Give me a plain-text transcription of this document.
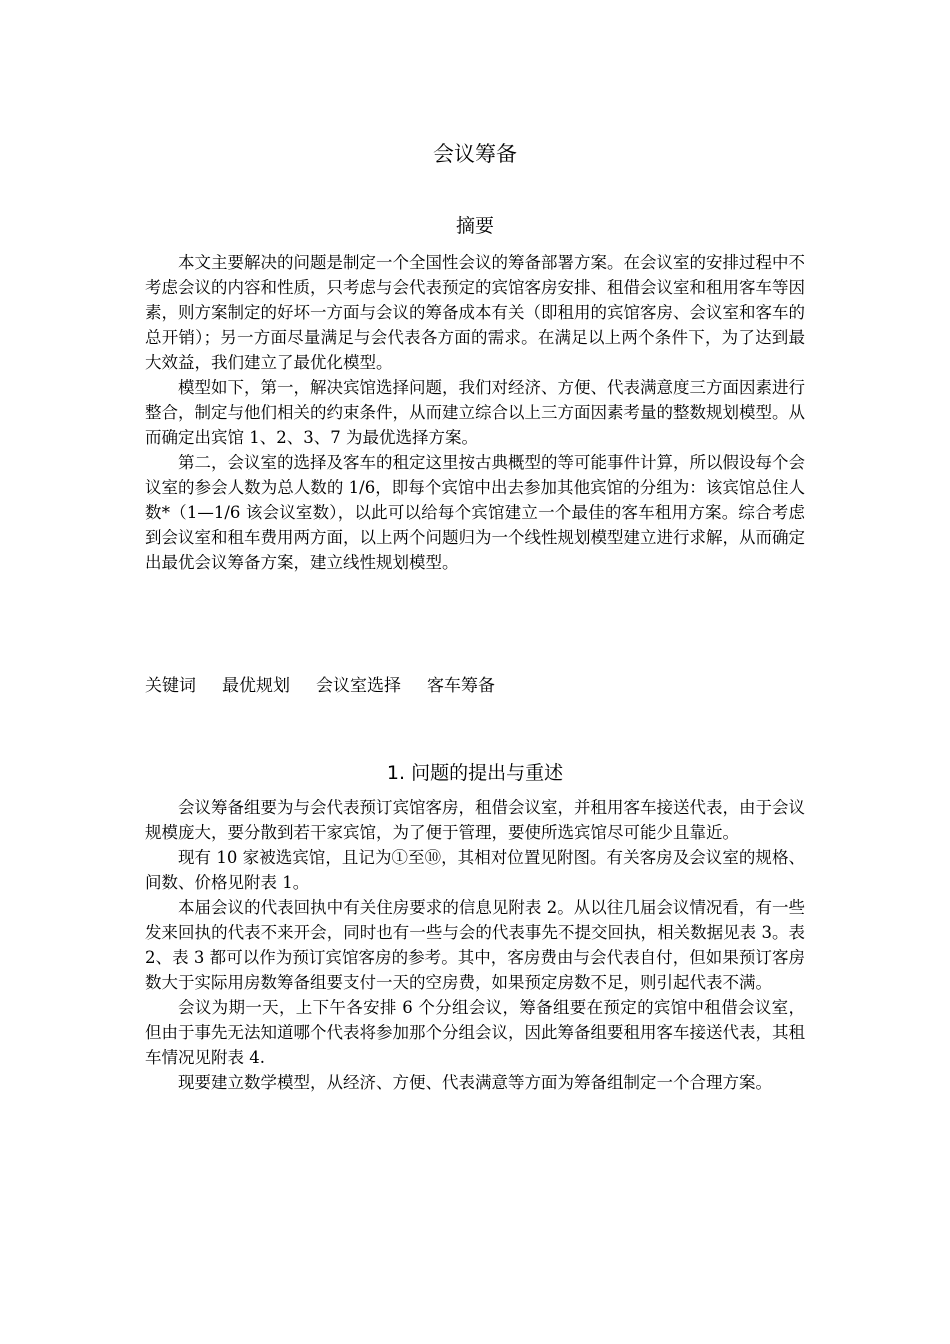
会议筹备
摘要

本文主要解决的问题是制定一个全国性会议的筹备部署方案。在会议室的安排过程中不考虑会议的内容和性质，只考虑与会代表预定的宾馆客房安排、租借会议室和租用客车等因素，则方案制定的好坏一方面与会议的筹备成本有关（即租用的宾馆客房、会议室和客车的总开销）；另一方面尽量满足与会代表各方面的需求。在满足以上两个条件下，为了达到最大效益，我们建立了最优化模型。

模型如下，第一，解决宾馆选择问题，我们对经济、方便、代表满意度三方面因素进行整合，制定与他们相关的约束条件，从而建立综合以上三方面因素考量的整数规划模型。从而确定出宾馆 1、2、3、7 为最优选择方案。

第二，会议室的选择及客车的租定这里按古典概型的等可能事件计算，所以假设每个会议室的参会人数为总人数的 1/6，即每个宾馆中出去参加其他宾馆的分组为：该宾馆总住人数*（1—1/6 该会议室数），以此可以给每个宾馆建立一个最佳的客车租用方案。综合考虑到会议室和租车费用两方面，以上两个问题归为一个线性规划模型建立进行求解，从而确定出最优会议筹备方案，建立线性规划模型。

关键词 最优规划 会议室选择 客车筹备
1. 问题的提出与重述

会议筹备组要为与会代表预订宾馆客房，租借会议室，并租用客车接送代表，由于会议规模庞大，要分散到若干家宾馆，为了便于管理，要使所选宾馆尽可能少且靠近。

现有 10 家被选宾馆，且记为①至⑩，其相对位置见附图。有关客房及会议室的规格、间数、价格见附表 1。

本届会议的代表回执中有关住房要求的信息见附表 2。从以往几届会议情况看，有一些发来回执的代表不来开会，同时也有一些与会的代表事先不提交回执，相关数据见表 3。表 2、表 3 都可以作为预订宾馆客房的参考。其中，客房费由与会代表自付，但如果预订客房数大于实际用房数筹备组要支付一天的空房费，如果预定房数不足，则引起代表不满。

会议为期一天，上下午各安排 6 个分组会议，筹备组要在预定的宾馆中租借会议室，但由于事先无法知道哪个代表将参加那个分组会议，因此筹备组要租用客车接送代表，其租车情况见附表 4.

现要建立数学模型，从经济、方便、代表满意等方面为筹备组制定一个合理方案。
